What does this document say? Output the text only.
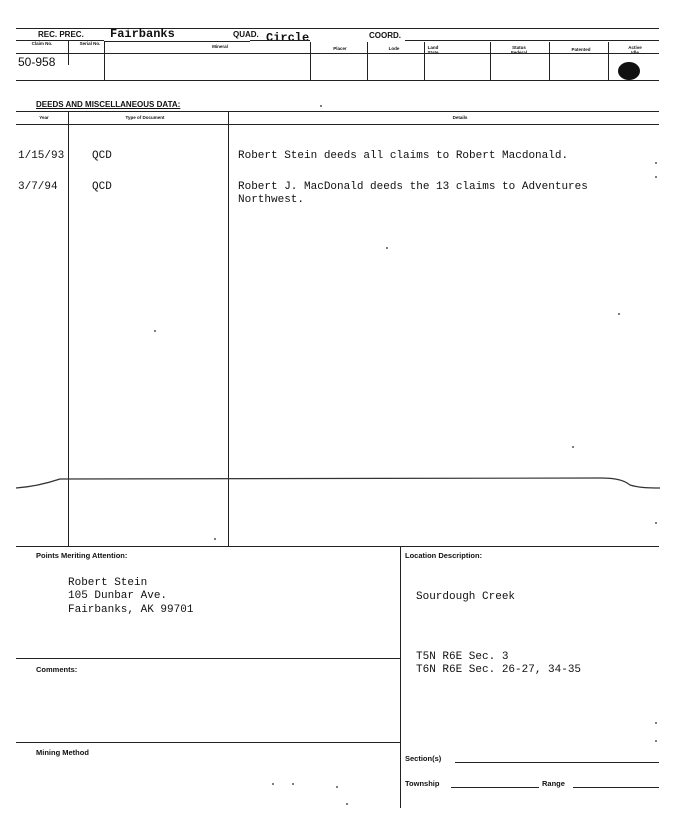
REC. PREC. Fairbanks	QUAD. Circle	COORD.
Claim No.	Serial No.
Mineral	Placer	Lode	Land State
Status Federal
Patented	Active Idle
50-958
DEEDS AND MISCELLANEOUS DATA:
Year	Type of Document	Details
1/15/93	QCD	Robert Stein deeds all claims to Robert Macdonald.
3/7/94	QCD	Robert J. MacDonald deeds the 13 claims to Adventures
Northwest.
Points Meriting Attention:
Robert Stein
105 Dunbar Ave.
Fairbanks, AK 99701
Location Description:
Sourdough Creek
T5N R6E Sec. 3
T6N R6E Sec. 26-27, 34-35
Comments:
Mining Method
Section(s)
Township	Range
